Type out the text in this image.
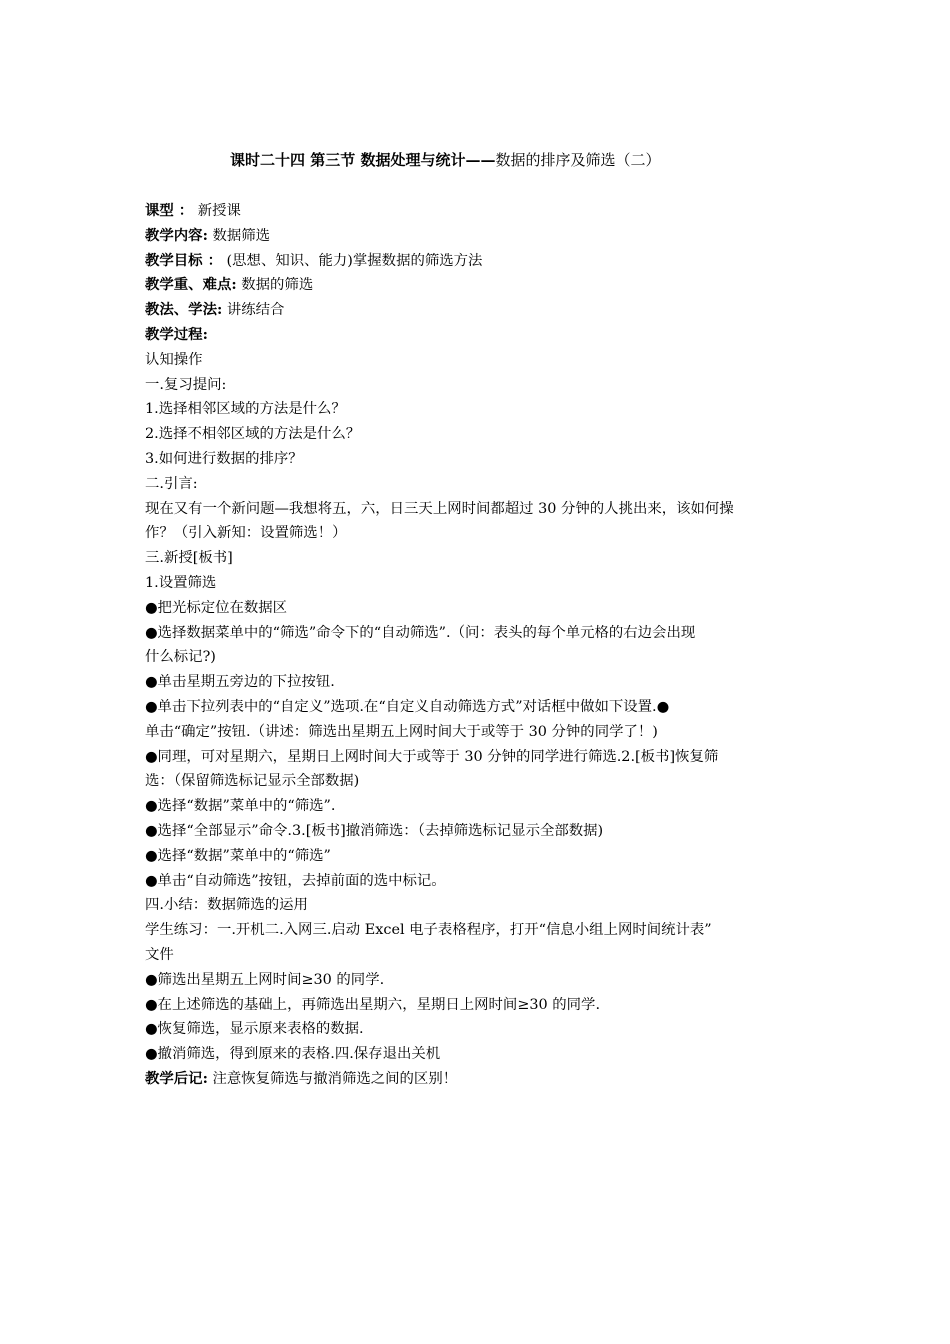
课时二十四 第三节 数据处理与统计——数据的排序及筛选（二）
课型 ： 新授课
教学内容: 数据筛选
教学目标 ： (思想、知识、能力)掌握数据的筛选方法
教学重、难点: 数据的筛选
教法、学法: 讲练结合
教学过程:
认知操作
一.复习提问:
1.选择相邻区域的方法是什么？
2.选择不相邻区域的方法是什么？
3.如何进行数据的排序？
二.引言:
现在又有一个新问题—我想将五，六，日三天上网时间都超过 30 分钟的人挑出来，该如何操
作？（引入新知：设置筛选！）
三.新授[板书]
1.设置筛选
●把光标定位在数据区
●选择数据菜单中的“筛选”命令下的“自动筛选”.（问：表头的每个单元格的右边会出现
什么标记?)
●单击星期五旁边的下拉按钮.
●单击下拉列表中的“自定义”选项.在“自定义自动筛选方式”对话框中做如下设置.●
单击“确定”按钮.（讲述：筛选出星期五上网时间大于或等于 30 分钟的同学了！)
●同理，可对星期六，星期日上网时间大于或等于 30 分钟的同学进行筛选.2.[板书]恢复筛
选：（保留筛选标记显示全部数据)
●选择“数据”菜单中的“筛选”.
●选择“全部显示”命令.3.[板书]撤消筛选：（去掉筛选标记显示全部数据)
●选择“数据”菜单中的“筛选”
●单击“自动筛选”按钮，去掉前面的选中标记。
四.小结：数据筛选的运用
学生练习：一.开机二.入网三.启动 Excel 电子表格程序，打开“信息小组上网时间统计表”
文件
●筛选出星期五上网时间≥30 的同学.
●在上述筛选的基础上，再筛选出星期六，星期日上网时间≥30 的同学.
●恢复筛选，显示原来表格的数据.
●撤消筛选，得到原来的表格.四.保存退出关机
教学后记: 注意恢复筛选与撤消筛选之间的区别！
